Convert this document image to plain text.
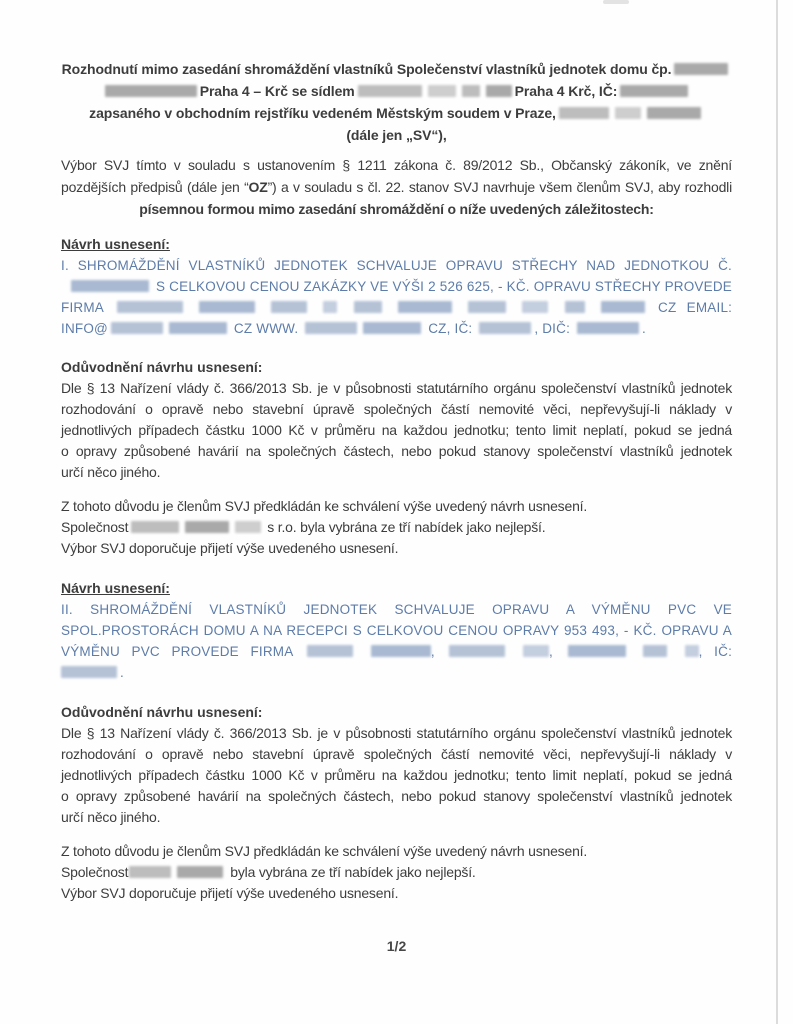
Rozhodnutí mimo zasedání shromáždění vlastníků Společenství vlastníků jednotek domu čp.
Praha 4 – Krč se sídlem	Praha 4 Krč, IČ:
zapsaného v obchodním rejstříku vedeném Městským soudem v Praze,
(dále jen „SV“),
Výbor SVJ tímto v souladu s ustanovením § 1211 zákona č. 89/2012 Sb., Občanský zákoník, ve znění
pozdějších předpisů (dále jen “OZ”) a v souladu s čl. 22. stanov SVJ navrhuje všem členům SVJ, aby rozhodli
písemnou formou mimo zasedání shromáždění o níže uvedených záležitostech:
Návrh usnesení:
I. SHROMÁŽDĚNÍ VLASTNÍKŮ JEDNOTEK SCHVALUJE OPRAVU STŘECHY NAD JEDNOTKOU Č.
S CELKOVOU CENOU ZAKÁZKY VE VÝŠI 2 526 625, - KČ. OPRAVU STŘECHY PROVEDE
FIRMA	CZ EMAIL:
INFO@	CZ WWW.	CZ, IČ:	, DIČ:	.
Odůvodnění návrhu usnesení:
Dle § 13 Nařízení vlády č. 366/2013 Sb. je v působnosti statutárního orgánu společenství vlastníků jednotek
rozhodování o opravě nebo stavební úpravě společných částí nemovité věci, nepřevyšují-li náklady v
jednotlivých případech částku 1000 Kč v průměru na každou jednotku; tento limit neplatí, pokud se jedná
o opravy způsobené havárií na společných částech, nebo pokud stanovy společenství vlastníků jednotek
určí něco jiného.
Z tohoto důvodu je členům SVJ předkládán ke schválení výše uvedený návrh usnesení.
Společnost	s r.o. byla vybrána ze tří nabídek jako nejlepší.
Výbor SVJ doporučuje přijetí výše uvedeného usnesení.
Návrh usnesení:
II. SHROMÁŽDĚNÍ VLASTNÍKŮ JEDNOTEK SCHVALUJE OPRAVU A VÝMĚNU PVC VE
SPOL.PROSTORÁCH DOMU A NA RECEPCI S CELKOVOU CENOU OPRAVY 953 493, - KČ. OPRAVU A
VÝMĚNU PVC PROVEDE FIRMA	,	,	, IČ:
.
Odůvodnění návrhu usnesení:
Dle § 13 Nařízení vlády č. 366/2013 Sb. je v působnosti statutárního orgánu společenství vlastníků jednotek
rozhodování o opravě nebo stavební úpravě společných částí nemovité věci, nepřevyšují-li náklady v
jednotlivých případech částku 1000 Kč v průměru na každou jednotku; tento limit neplatí, pokud se jedná
o opravy způsobené havárií na společných částech, nebo pokud stanovy společenství vlastníků jednotek
určí něco jiného.
Z tohoto důvodu je členům SVJ předkládán ke schválení výše uvedený návrh usnesení.
Společnost	byla vybrána ze tří nabídek jako nejlepší.
Výbor SVJ doporučuje přijetí výše uvedeného usnesení.
1/2
